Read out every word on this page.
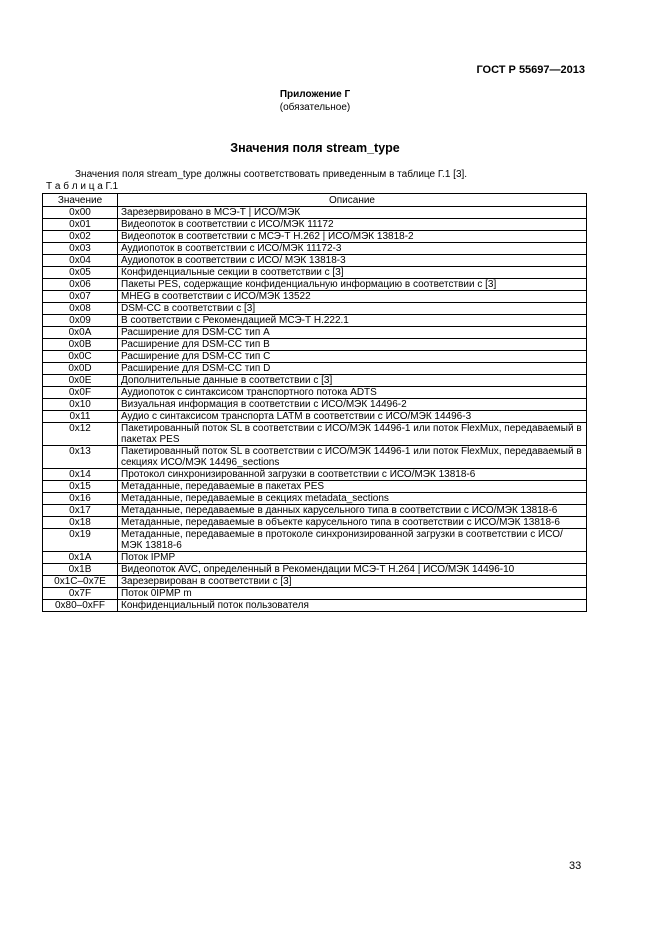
ГОСТ Р 55697—2013
Приложение Г
(обязательное)
Значения поля stream_type
Значения поля stream_type должны соответствовать приведенным в таблице Г.1 [3].
Т а б л и ц а Г.1
Значение	Описание
0x00	Зарезервировано в МСЭ-Т | ИСО/МЭК
0x01	Видеопоток в соответствии с ИСО/МЭК 11172
0x02	Видеопоток в соответствии с МСЭ-Т Н.262 | ИСО/МЭК 13818-2
0x03	Аудиопоток в соответствии с ИСО/МЭК 11172-3
0x04	Аудиопоток в соответствии с ИСО/ МЭК 13818-3
0x05	Конфиденциальные секции в соответствии с [3]
0x06	Пакеты PES, содержащие конфиденциальную информацию в соответствии с [3]
0x07	MHEG в соответствии с ИСО/МЭК 13522
0x08	DSM-CC в соответствии с [3]
0x09	В соответствии с Рекомендацией МСЭ-Т Н.222.1
0x0A	Расширение для DSM-CC тип A
0x0B	Расширение для DSM-CC тип B
0x0C	Расширение для DSM-CC тип C
0x0D	Расширение для DSM-CC тип D
0x0E	Дополнительные данные в соответствии с [3]
0x0F	Аудиопоток с синтаксисом транспортного потока ADTS
0x10	Визуальная информация в соответствии с ИСО/МЭК 14496-2
0x11	Аудио с синтаксисом транспорта LATM в соответствии с ИСО/МЭК 14496-3
0x12	Пакетированный поток SL в соответствии с ИСО/МЭК 14496-1 или поток FlexMux, передаваемый в пакетах PES
0x13	Пакетированный поток SL в соответствии с ИСО/МЭК 14496-1 или поток FlexMux, передаваемый в секциях ИСО/МЭК 14496_sections
0x14	Протокол синхронизированной загрузки в соответствии с ИСО/МЭК 13818-6
0x15	Метаданные, передаваемые в пакетах PES
0x16	Метаданные, передаваемые в секциях metadata_sections
0x17	Метаданные, передаваемые в данных карусельного типа в соответствии с ИСО/МЭК 13818-6
0x18	Метаданные, передаваемые в объекте карусельного типа в соответствии с ИСО/МЭК 13818-6
0x19	Метаданные, передаваемые в протоколе синхронизированной загрузки в соответствии с ИСО/МЭК 13818-6
0x1A	Поток IPMP
0x1B	Видеопоток AVC, определенный в Рекомендации МСЭ-Т Н.264 | ИСО/МЭК 14496-10
0x1C–0x7E	Зарезервирован в соответствии с [3]
0x7F	Поток 0IPMP m
0x80–0xFF	Конфиденциальный поток пользователя
33
